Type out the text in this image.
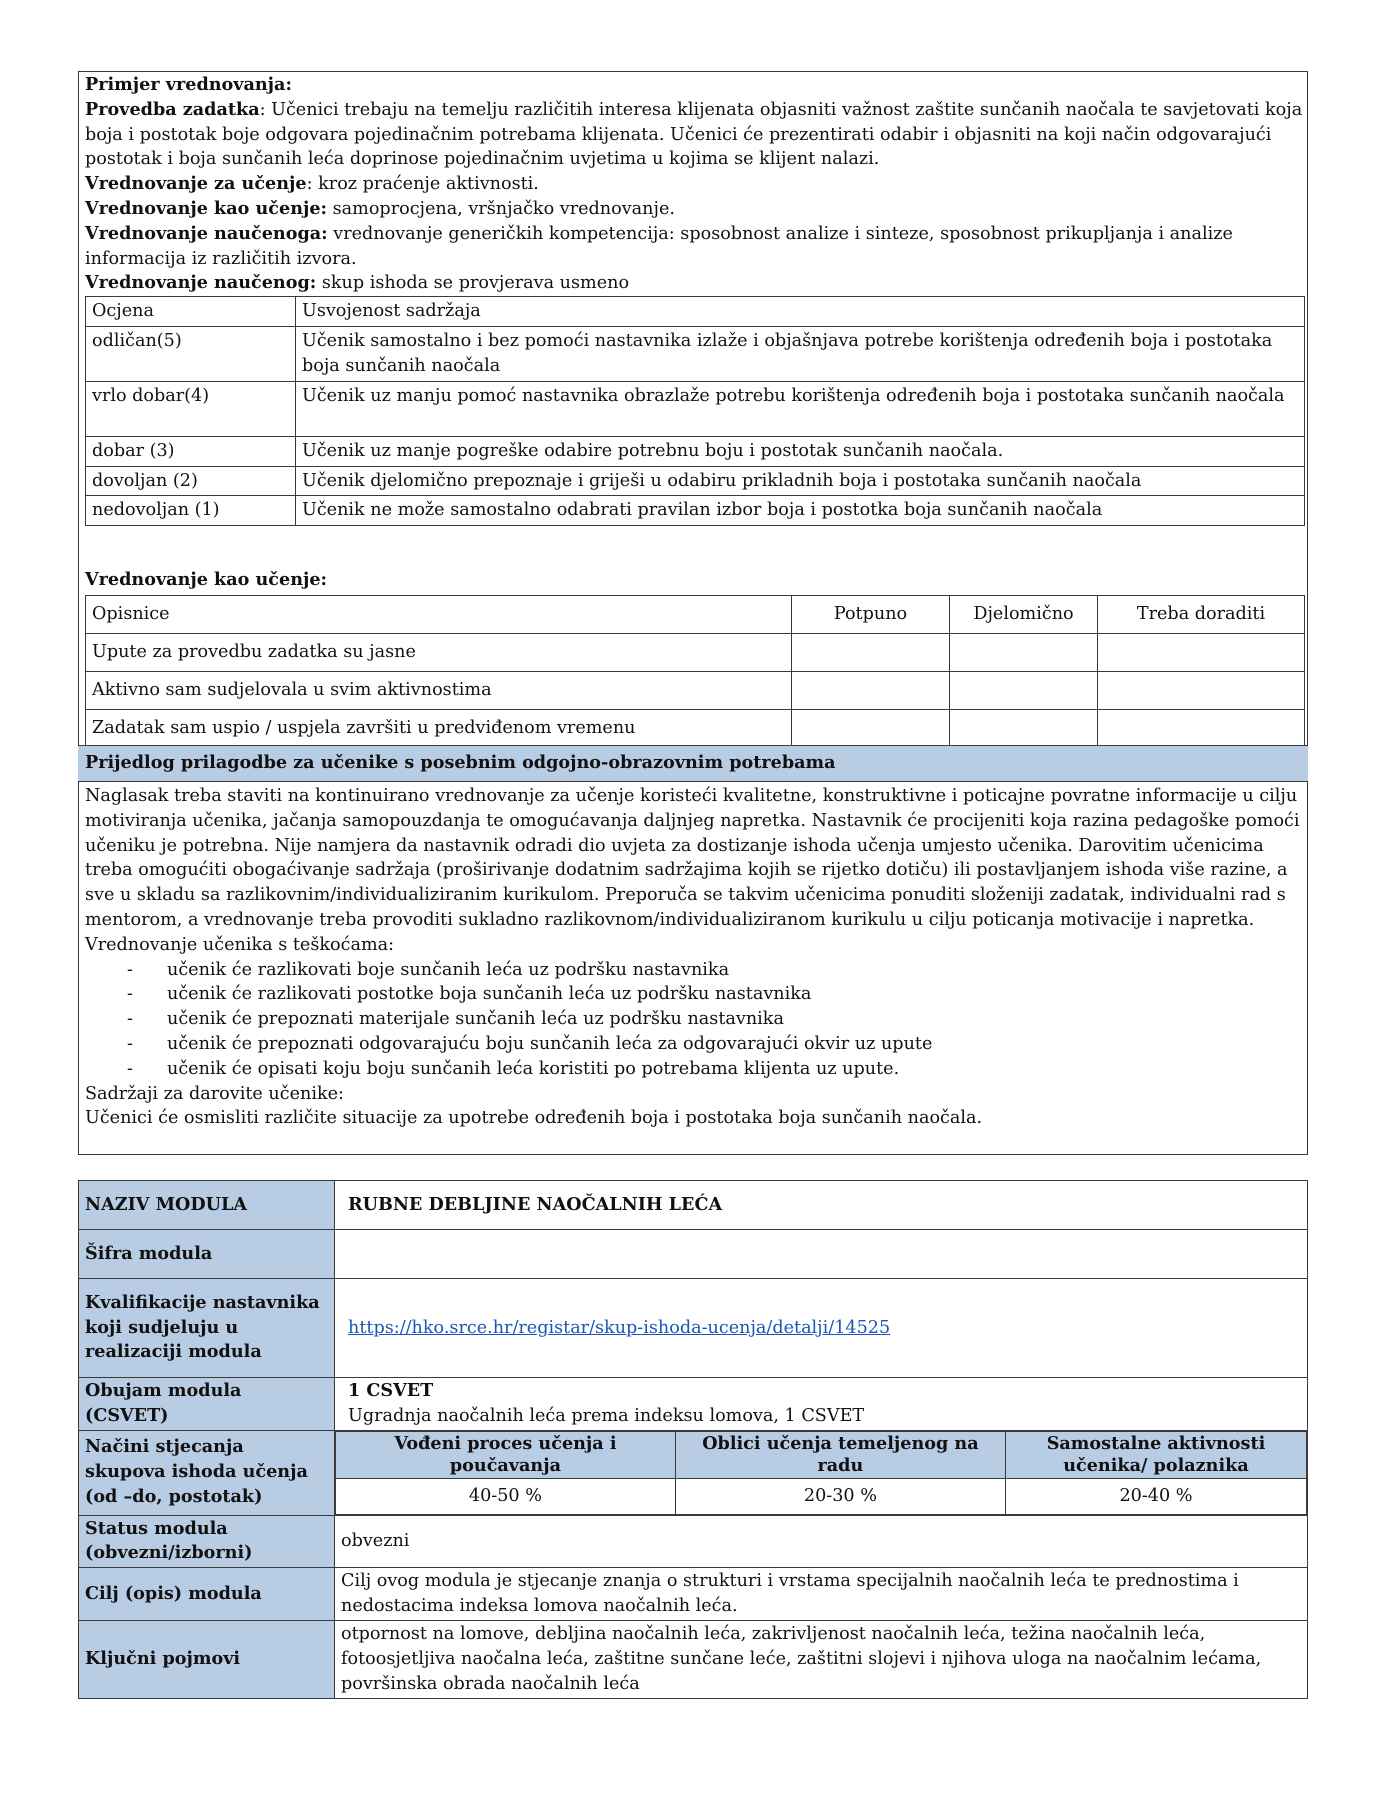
Primjer vrednovanja:

Provedba zadatka: Učenici trebaju na temelju različitih interesa klijenata objasniti važnost zaštite sunčanih naočala te savjetovati koja boja i postotak boje odgovara pojedinačnim potrebama klijenata. Učenici će prezentirati odabir i objasniti na koji način odgovarajući postotak i boja sunčanih leća doprinose pojedinačnim uvjetima u kojima se klijent nalazi.

Vrednovanje za učenje: kroz praćenje aktivnosti.

Vrednovanje kao učenje: samoprocjena, vršnjačko vrednovanje.

Vrednovanje naučenoga: vrednovanje generičkih kompetencija: sposobnost analize i sinteze, sposobnost prikupljanja i analize informacija iz različitih izvora.

Vrednovanje naučenog: skup ishoda se provjerava usmeno

Ocjena	Usvojenost sadržaja
odličan(5)	Učenik samostalno i bez pomoći nastavnika izlaže i objašnjava potrebe korištenja određenih boja i postotaka boja sunčanih naočala
vrlo dobar(4)	Učenik uz manju pomoć nastavnika obrazlaže potrebu korištenja određenih boja i postotaka sunčanih naočala
dobar (3)	Učenik uz manje pogreške odabire potrebnu boju i postotak sunčanih naočala.
dovoljan (2)	Učenik djelomično prepoznaje i griješi u odabiru prikladnih boja i postotaka sunčanih naočala
nedovoljan (1)	Učenik ne može samostalno odabrati pravilan izbor boja i postotka boja sunčanih naočala

Vrednovanje kao učenje:

Opisnice	Potpuno	Djelomično	Treba doraditi
Upute za provedbu zadatka su jasne			
Aktivno sam sudjelovala u svim aktivnostima			
Zadatak sam uspio / uspjela završiti u predviđenom vremenu			
Prijedlog prilagodbe za učenike s posebnim odgojno-obrazovnim potrebama

Naglasak treba staviti na kontinuirano vrednovanje za učenje koristeći kvalitetne, konstruktivne i poticajne povratne informacije u cilju motiviranja učenika, jačanja samopouzdanja te omogućavanja daljnjeg napretka. Nastavnik će procijeniti koja razina pedagoške pomoći učeniku je potrebna. Nije namjera da nastavnik odradi dio uvjeta za dostizanje ishoda učenja umjesto učenika. Darovitim učenicima treba omogućiti obogaćivanje sadržaja (proširivanje dodatnim sadržajima kojih se rijetko dotiču) ili postavljanjem ishoda više razine, a sve u skladu sa razlikovnim/individualiziranim kurikulom. Preporuča se takvim učenicima ponuditi složeniji zadatak, individualni rad s mentorom, a vrednovanje treba provoditi sukladno razlikovnom/individualiziranom kurikulu u cilju poticanja motivacije i napretka.

Vrednovanje učenika s teškoćama:

- učenik će razlikovati boje sunčanih leća uz podršku nastavnika
- učenik će razlikovati postotke boja sunčanih leća uz podršku nastavnika
- učenik će prepoznati materijale sunčanih leća uz podršku nastavnika
- učenik će prepoznati odgovarajuću boju sunčanih leća za odgovarajući okvir uz upute
- učenik će opisati koju boju sunčanih leća koristiti po potrebama klijenta uz upute.

Sadržaji za darovite učenike:

Učenici će osmisliti različite situacije za upotrebe određenih boja i postotaka boja sunčanih naočala.

NAZIV MODULA	RUBNE DEBLJINE NAOČALNIH LEĆA
Šifra modula	
Kvalifikacije nastavnika koji sudjeluju u realizaciji modula	https://hko.srce.hr/registar/skup-ishoda-ucenja/detalji/14525
Obujam modula (CSVET)	
1 CSVET
Ugradnja naočalnih leća prema indeksu lomova, 1 CSVET

Načini stjecanja skupova ishoda učenja (od –do, postotak)	
Vođeni proces učenja i poučavanja	Oblici učenja temeljenog na radu	Samostalne aktivnosti učenika/ polaznika
40-50 %	20-30 %	20-40 %

Status modula (obvezni/izborni)	obvezni
Cilj (opis) modula	Cilj ovog modula je stjecanje znanja o strukturi i vrstama specijalnih naočalnih leća te prednostima i nedostacima indeksa lomova naočalnih leća.
Ključni pojmovi	otpornost na lomove, debljina naočalnih leća, zakrivljenost naočalnih leća, težina naočalnih leća, fotoosjetljiva naočalna leća, zaštitne sunčane leće, zaštitni slojevi i njihova uloga na naočalnim lećama, površinska obrada naočalnih leća
